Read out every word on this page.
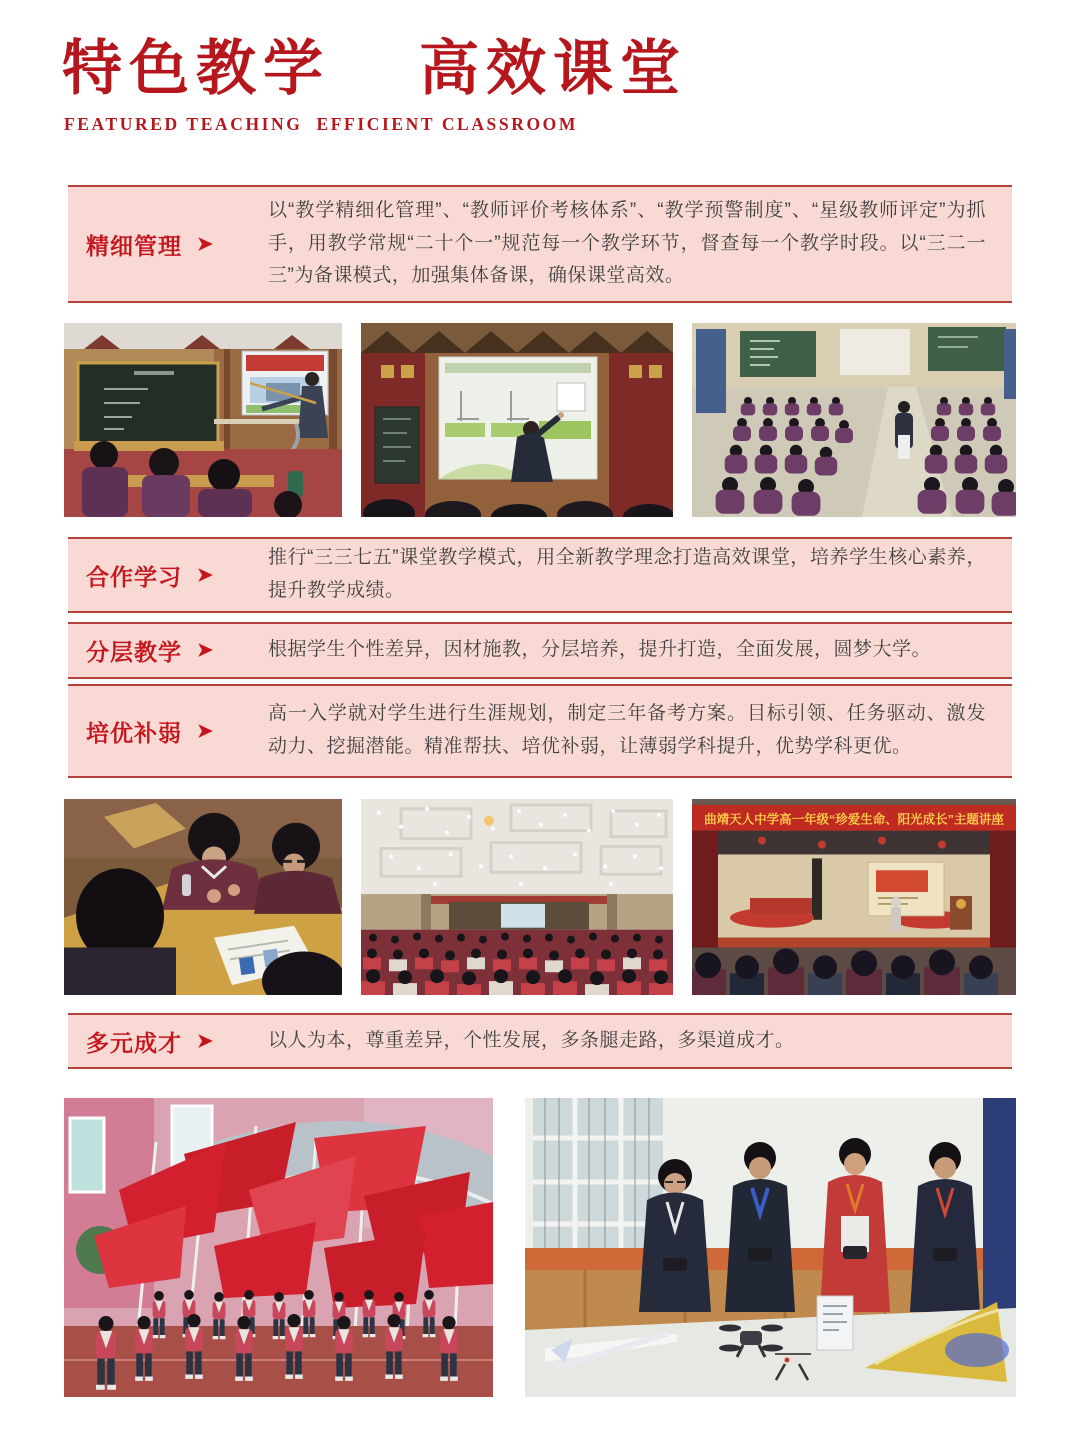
特色教学　 高效课堂
FEATURED TEACHING  EFFICIENT CLASSROOM
精细管理 ➤
以“教学精细化管理”、“教师评价考核体系”、“教学预警制度”、“星级教师评定”为抓手，用教学常规“二十个一”规范每一个教学环节，督查每一个教学时段。以“三二一三”为备课模式，加强集体备课，确保课堂高效。
合作学习 ➤
推行“三三七五”课堂教学模式，用全新教学理念打造高效课堂，培养学生核心素养，提升教学成绩。
分层教学 ➤	根据学生个性差异，因材施教，分层培养，提升打造，全面发展，圆梦大学。
培优补弱 ➤
高一入学就对学生进行生涯规划，制定三年备考方案。目标引领、任务驱动、激发动力、挖掘潜能。精准帮扶、培优补弱，让薄弱学科提升，优势学科更优。
曲靖天人中学高一年级“珍爱生命、阳光成长”主题讲座
多元成才 ➤	以人为本，尊重差异，个性发展，多条腿走路，多渠道成才。
